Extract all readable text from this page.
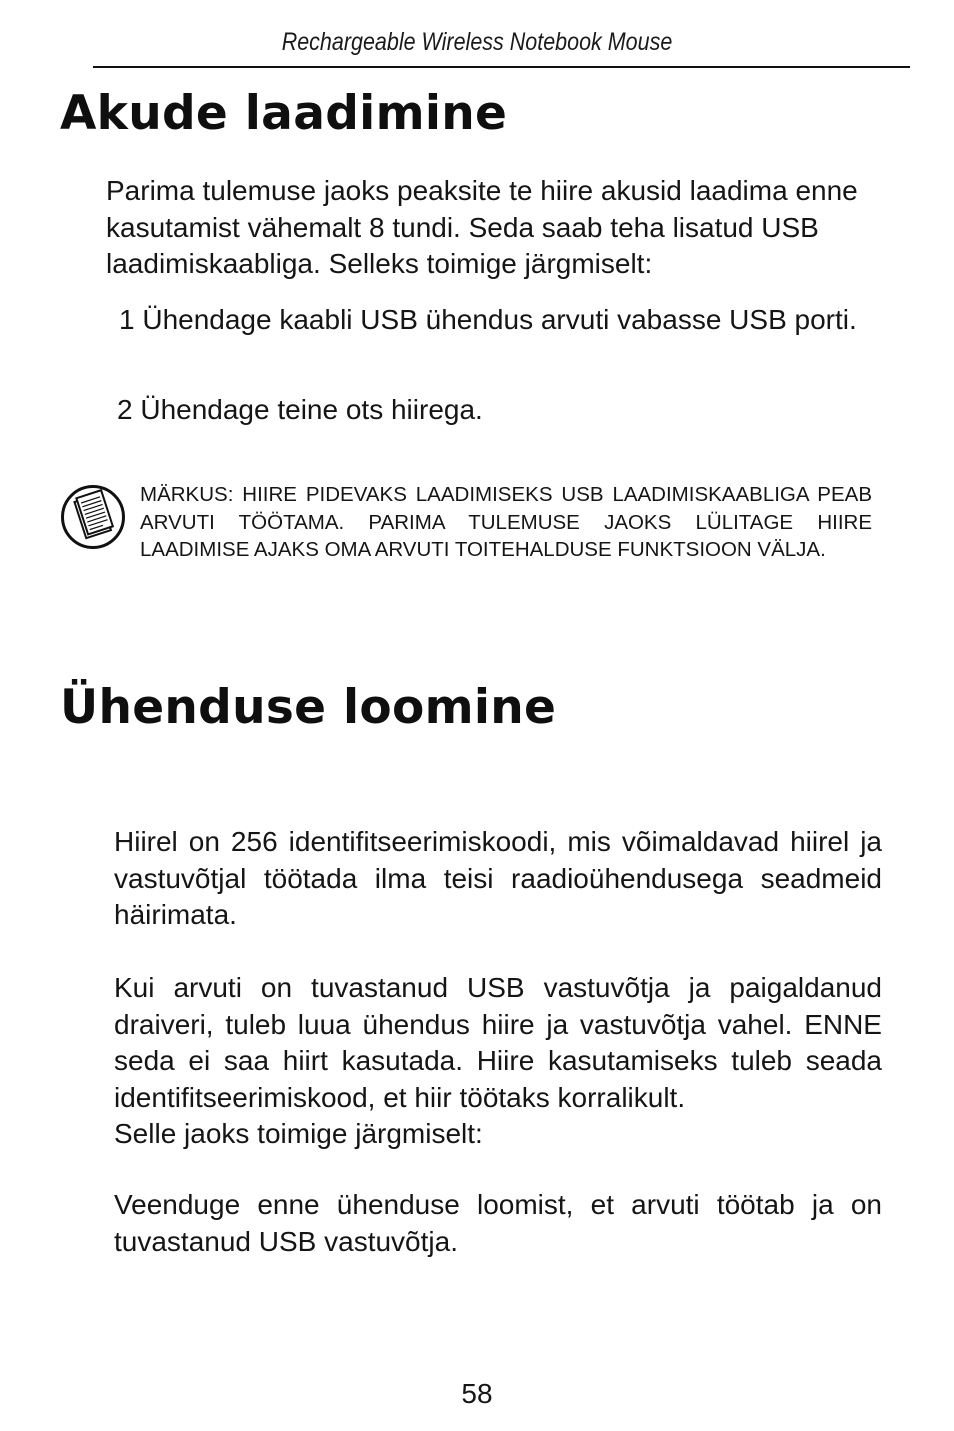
Rechargeable Wireless Notebook Mouse
Akude laadimine

Parima tulemuse jaoks peaksite te hiire akusid laadima enne kasutamist vähemalt 8 tundi. Seda saab teha lisatud USB laadimiskaabliga. Selleks toimige järgmiselt:

1 Ühendage kaabli USB ühendus arvuti vabasse USB porti.

2 Ühendage teine ots hiirega.

MÄRKUS: HIIRE PIDEVAKS LAADIMISEKS USB LAADIMISKAABLIGA PEAB ARVUTI TÖÖTAMA. PARIMA TULEMUSE JAOKS LÜLITAGE HIIRE LAADIMISE AJAKS OMA ARVUTI TOITEHALDUSE FUNKTSIOON VÄLJA.

Ühenduse loomine

Hiirel on 256 identifitseerimiskoodi, mis võimaldavad hiirel ja vastuvõtjal töötada ilma teisi raadioühendusega seadmeid häirimata.

Kui arvuti on tuvastanud USB vastuvõtja ja paigaldanud draiveri, tuleb luua ühendus hiire ja vastuvõtja vahel. ENNE seda ei saa hiirt kasutada. Hiire kasutamiseks tuleb seada identifitseerimiskood, et hiir töötaks korralikult.
Selle jaoks toimige järgmiselt:

Veenduge enne ühenduse loomist, et arvuti töötab ja on tuvastanud USB vastuvõtja.

58
